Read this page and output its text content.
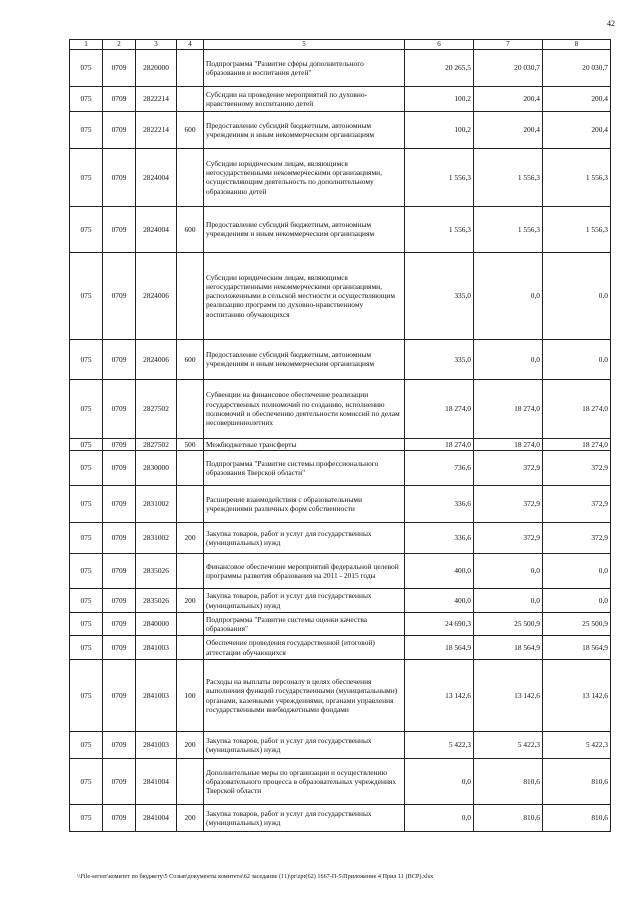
42
1	2	3	4	5	6	7	8
075	0709	2820000		Подпрограмма "Развитие сферы дополнительного образования и воспитания детей"	20 265,5	20 030,7	20 030,7
075	0709	2822214		Субсидии на проведение мероприятий по духовно-нравственному воспитанию детей	100,2	200,4	200,4
075	0709	2822214	600	Предоставление субсидий бюджетным, автономным учреждениям и иным некоммерческим организациям	100,2	200,4	200,4
075	0709	2824004		Субсидии юридическим лицам, являющимся негосударственными некоммерческими организациями, осуществляющим деятельность по дополнительному образованию детей	1 556,3	1 556,3	1 556,3
075	0709	2824004	600	Предоставление субсидий бюджетным, автономным учреждениям и иным некоммерческим организациям	1 556,3	1 556,3	1 556,3
075	0709	2824006		Субсидии юридическим лицам, являющимся негосударственными некоммерческими организациями, расположенными в сельской местности и осуществляющим реализацию программ по духовно-нравственному воспитанию обучающихся	335,0	0,0	0,0
075	0709	2824006	600	Предоставление субсидий бюджетным, автономным учреждениям и иным некоммерческим организациям	335,0	0,0	0,0
075	0709	2827502		Субвенции на финансовое обеспечение реализации государственных полномочий по созданию, исполнению полномочий и обеспечению деятельности комиссий по делам несовершеннолетних	18 274,0	18 274,0	18 274,0
075	0709	2827502	500	Межбюджетные трансферты	18 274,0	18 274,0	18 274,0
075	0709	2830000		Подпрограмма "Развитие системы профессионального образования Тверской области"	736,6	372,9	372,9
075	0709	2831002		Расширение взаимодействия с образовательными учреждениями различных форм собственности	336,6	372,9	372,9
075	0709	2831002	200	Закупка товаров, работ и услуг для государственных (муниципальных) нужд	336,6	372,9	372,9
075	0709	2835026		Финансовое обеспечение мероприятий федеральной целевой программы развития образования на 2011 - 2015 годы	400,0	0,0	0,0
075	0709	2835026	200	Закупка товаров, работ и услуг для государственных (муниципальных) нужд	400,0	0,0	0,0
075	0709	2840000		Подпрограмма "Развитие системы оценки качества образования"	24 690,3	25 500,9	25 500,9
075	0709	2841003		Обеспечение проведения государственной (итоговой) аттестации обучающихся	18 564,9	18 564,9	18 564,9
075	0709	2841003	100	Расходы на выплаты персоналу в целях обеспечения выполнения функций государственными (муниципальными) органами, казенными учреждениями, органами управления государственными внебюджетными фондами	13 142,6	13 142,6	13 142,6
075	0709	2841003	200	Закупка товаров, работ и услуг для государственных (муниципальных) нужд	5 422,3	5 422,3	5 422,3
075	0709	2841004		Дополнительные меры по организации и осуществлению образовательного процесса в образовательных учреждениях Тверской области	0,0	810,6	810,6
075	0709	2841004	200	Закупка товаров, работ и услуг для государственных (муниципальных) нужд	0,0	810,6	810,6
\\File-server\комитет по бюджету\5 Созыв\документы комитета\62 заседание (11)\pr\zpr(62) 1667-П-5\Приложение 4 Прил 11 (ВСР).xlsx
